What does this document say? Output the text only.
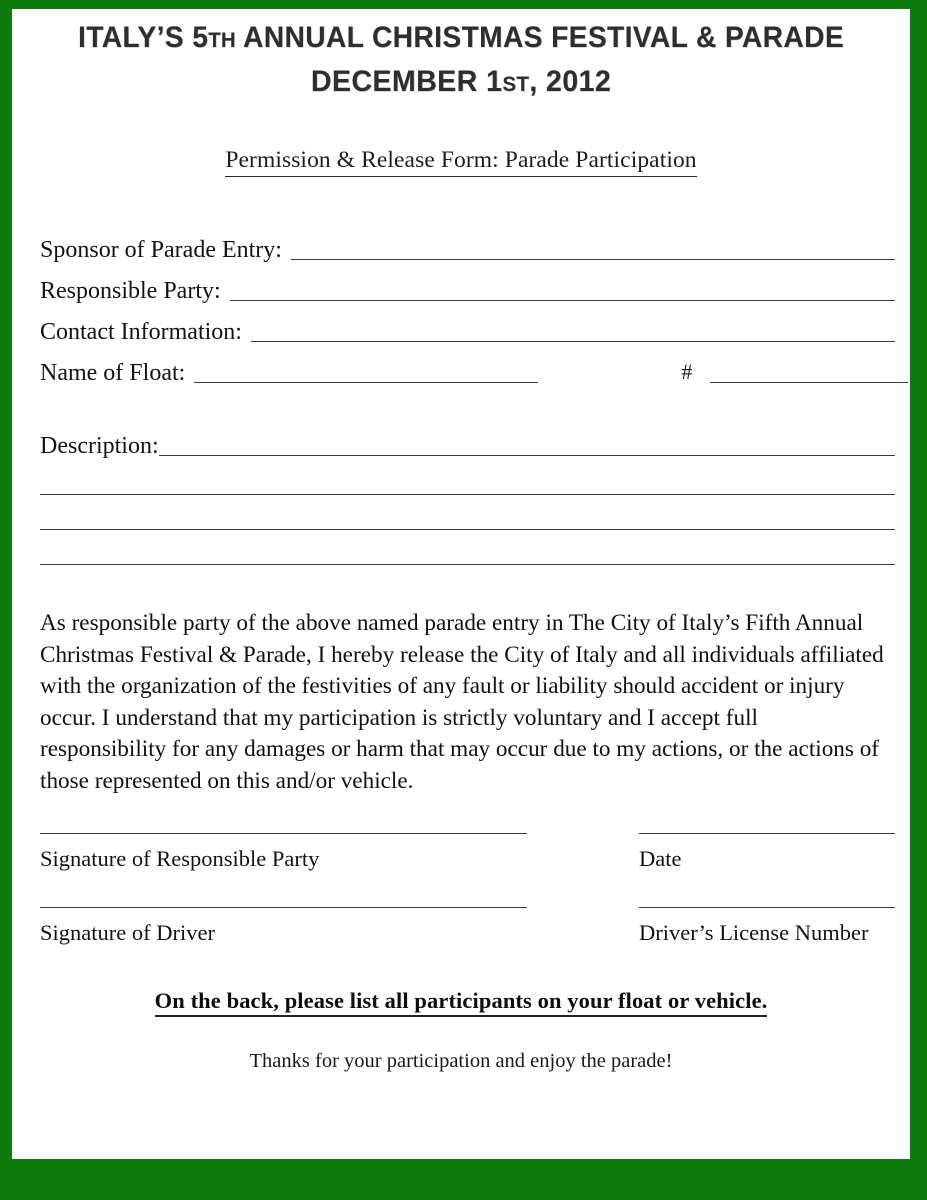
ITALY’S 5TH ANNUAL CHRISTMAS FESTIVAL & PARADE
DECEMBER 1ST, 2012
Permission & Release Form: Parade Participation
Sponsor of Parade Entry:
Responsible Party:
Contact Information:
Name of Float:	#
Description:
As responsible party of the above named parade entry in The City of Italy’s Fifth Annual Christmas Festival & Parade, I hereby release the City of Italy and all individuals affiliated with the organization of the festivities of any fault or liability should accident or injury occur. I understand that my participation is strictly voluntary and I accept full responsibility for any damages or harm that may occur due to my actions, or the actions of those represented on this and/or vehicle.
Signature of Responsible Party	Date
Signature of Driver	Driver’s License Number
On the back, please list all participants on your float or vehicle.
Thanks for your participation and enjoy the parade!
